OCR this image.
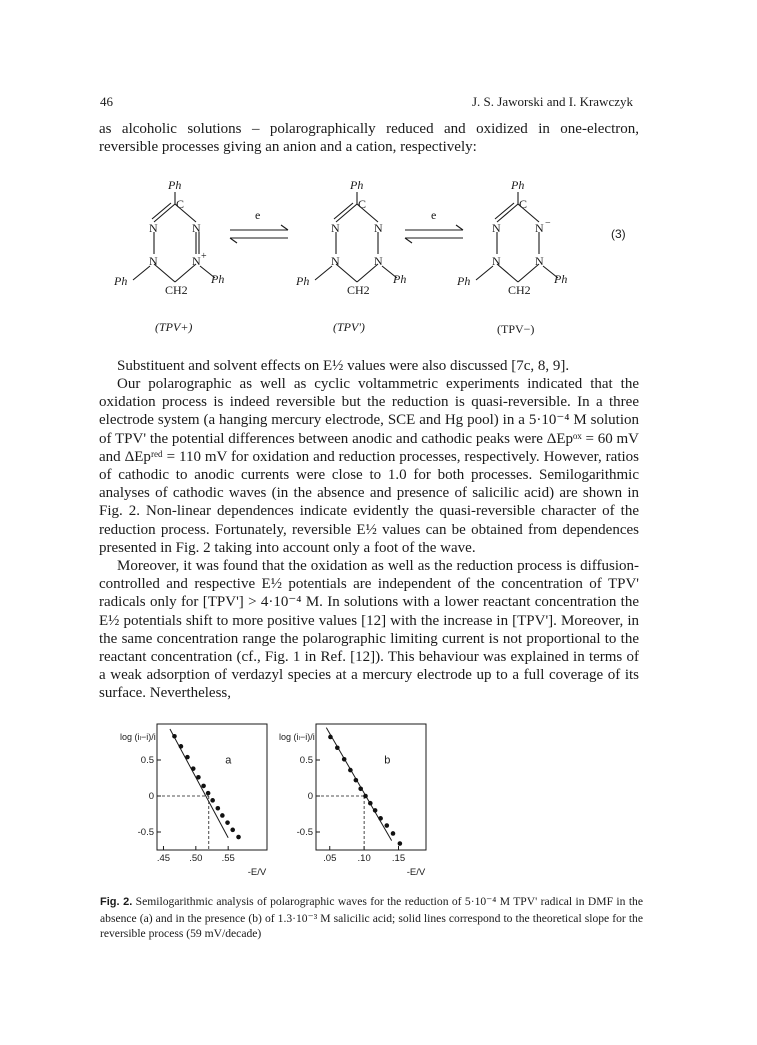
46	J. S. Jaworski and I. Krawczyk

as alcoholic solutions – polarographically reduced and oxidized in one-electron, reversible processes giving an anion and a cation, respectively:

Ph
C
N	N
N	N +
Ph	Ph
CH2
Ph
C
N	N
N	N
Ph	Ph
CH2
Ph
C
N	N −
N	N
Ph	Ph
CH2
e	e
(3)
(TPV+)	(TPV')	(TPV−)

Substituent and solvent effects on E½ values were also discussed [7c, 8, 9].

Our polarographic as well as cyclic voltammetric experiments indicated that the oxidation process is indeed reversible but the reduction is quasi-reversible. In a three electrode system (a hanging mercury electrode, SCE and Hg pool) in a 5·10⁻⁴ M solution of TPV' the potential differences between anodic and cathodic peaks were ΔEpᵒˣ = 60 mV and ΔEpʳᵉᵈ = 110 mV for oxidation and reduction processes, respectively. However, ratios of cathodic to anodic currents were close to 1.0 for both processes. Semilogarithmic analyses of cathodic waves (in the absence and presence of salicilic acid) are shown in Fig. 2. Non-linear dependences indicate evidently the quasi-reversible character of the reduction process. Fortunately, reversible E½ values can be obtained from dependences presented in Fig. 2 taking into account only a foot of the wave.

Moreover, it was found that the oxidation as well as the reduction process is diffusion-controlled and respective E½ potentials are independent of the concentration of TPV' radicals only for [TPV'] > 4·10⁻⁴ M. In solutions with a lower reactant concentration the E½ potentials shift to more positive values [12] with the increase in [TPV']. Moreover, in the same concentration range the polarographic limiting current is not proportional to the reactant concentration (cf., Fig. 1 in Ref. [12]). This behaviour was explained in terms of a weak adsorption of verdazyl species at a mercury electrode up to a full coverage of its surface. Nevertheless,

0.5
0
-0.5
.45 .50 .55
log (iₗ−i)/i
-E/V
a	0.5
0
-0.5
.05 .10 .15
log (iₗ−i)/i
-E/V
b

Fig. 2. Semilogarithmic analysis of polarographic waves for the reduction of 5·10⁻⁴ M TPV' radical in DMF in the absence (a) and in the presence (b) of 1.3·10⁻³ M salicilic acid; solid lines correspond to the theoretical slope for the reversible process (59 mV/decade)
